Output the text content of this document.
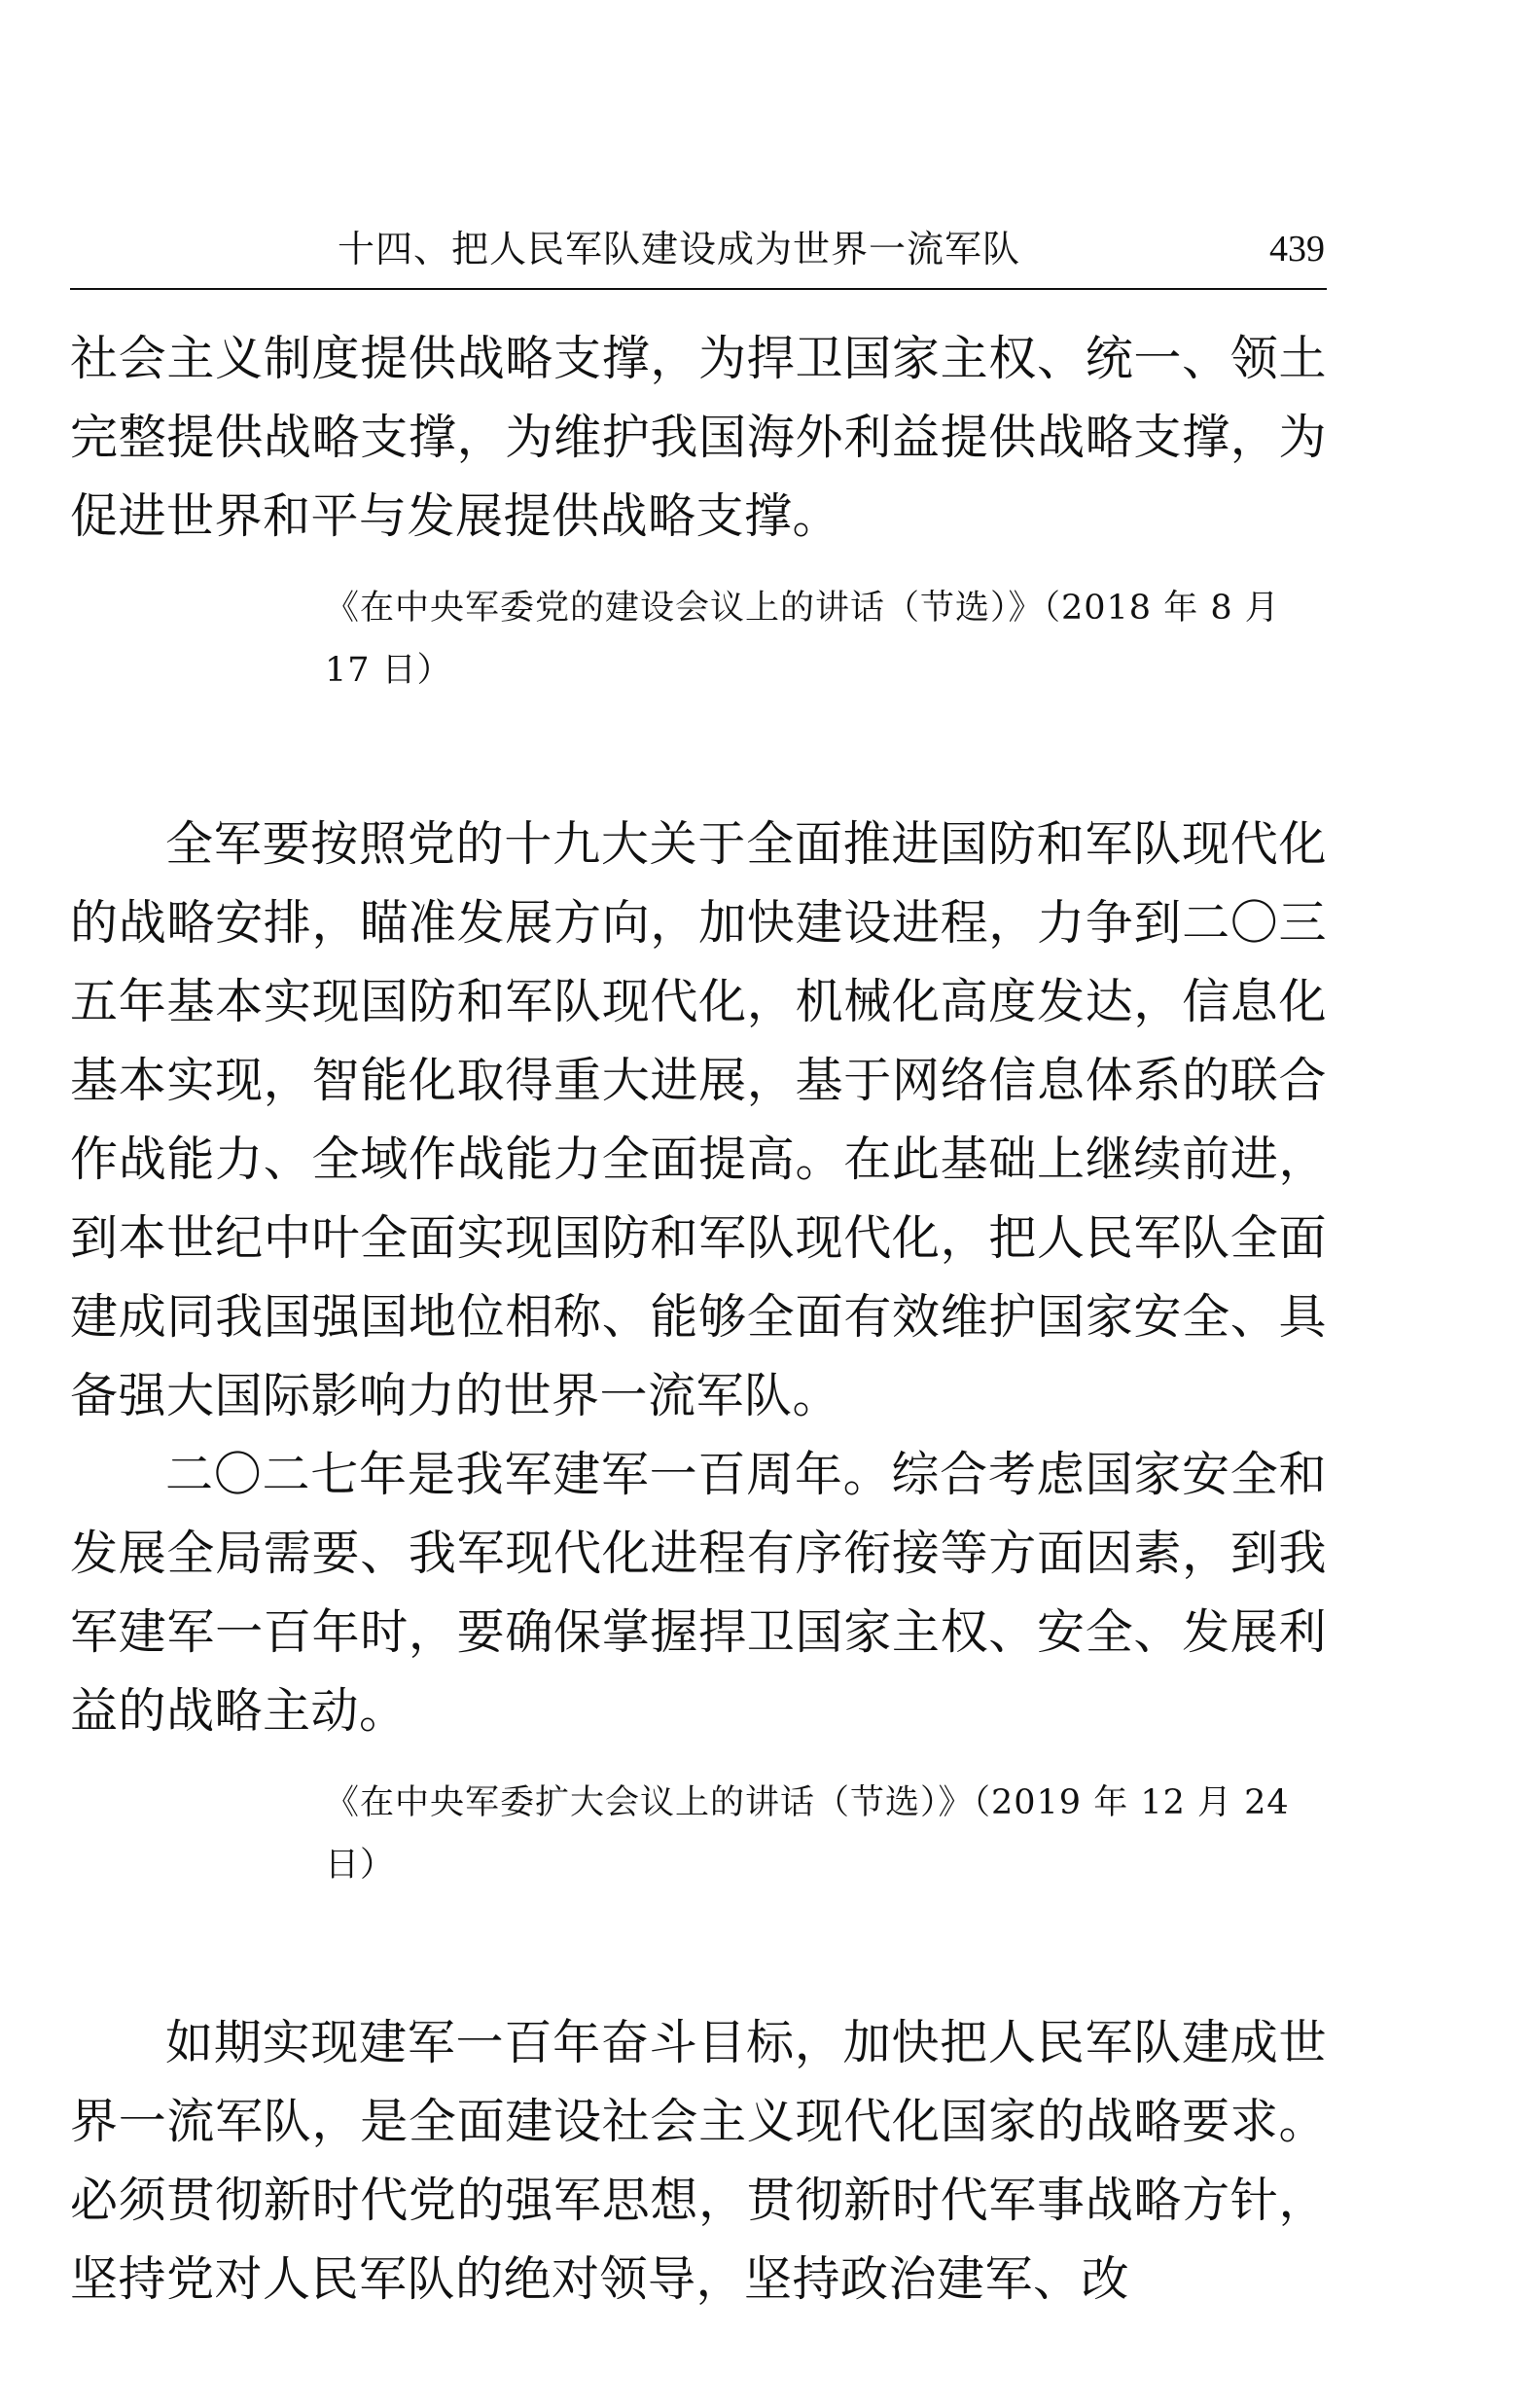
十四、把人民军队建设成为世界一流军队	439

社会主义制度提供战略支撑，为捍卫国家主权、统一、领土完整提供战略支撑，为维护我国海外利益提供战略支撑，为促进世界和平与发展提供战略支撑。

《在中央军委党的建设会议上的讲话（节选）》（2018 年 8 月 17 日）

全军要按照党的十九大关于全面推进国防和军队现代化的战略安排，瞄准发展方向，加快建设进程，力争到二〇三五年基本实现国防和军队现代化，机械化高度发达，信息化基本实现，智能化取得重大进展，基于网络信息体系的联合作战能力、全域作战能力全面提高。在此基础上继续前进，到本世纪中叶全面实现国防和军队现代化，把人民军队全面建成同我国强国地位相称、能够全面有效维护国家安全、具备强大国际影响力的世界一流军队。

二〇二七年是我军建军一百周年。综合考虑国家安全和发展全局需要、我军现代化进程有序衔接等方面因素，到我军建军一百年时，要确保掌握捍卫国家主权、安全、发展利益的战略主动。

《在中央军委扩大会议上的讲话（节选）》（2019 年 12 月 24 日）

如期实现建军一百年奋斗目标，加快把人民军队建成世界一流军队，是全面建设社会主义现代化国家的战略要求。必须贯彻新时代党的强军思想，贯彻新时代军事战略方针，坚持党对人民军队的绝对领导，坚持政治建军、改
